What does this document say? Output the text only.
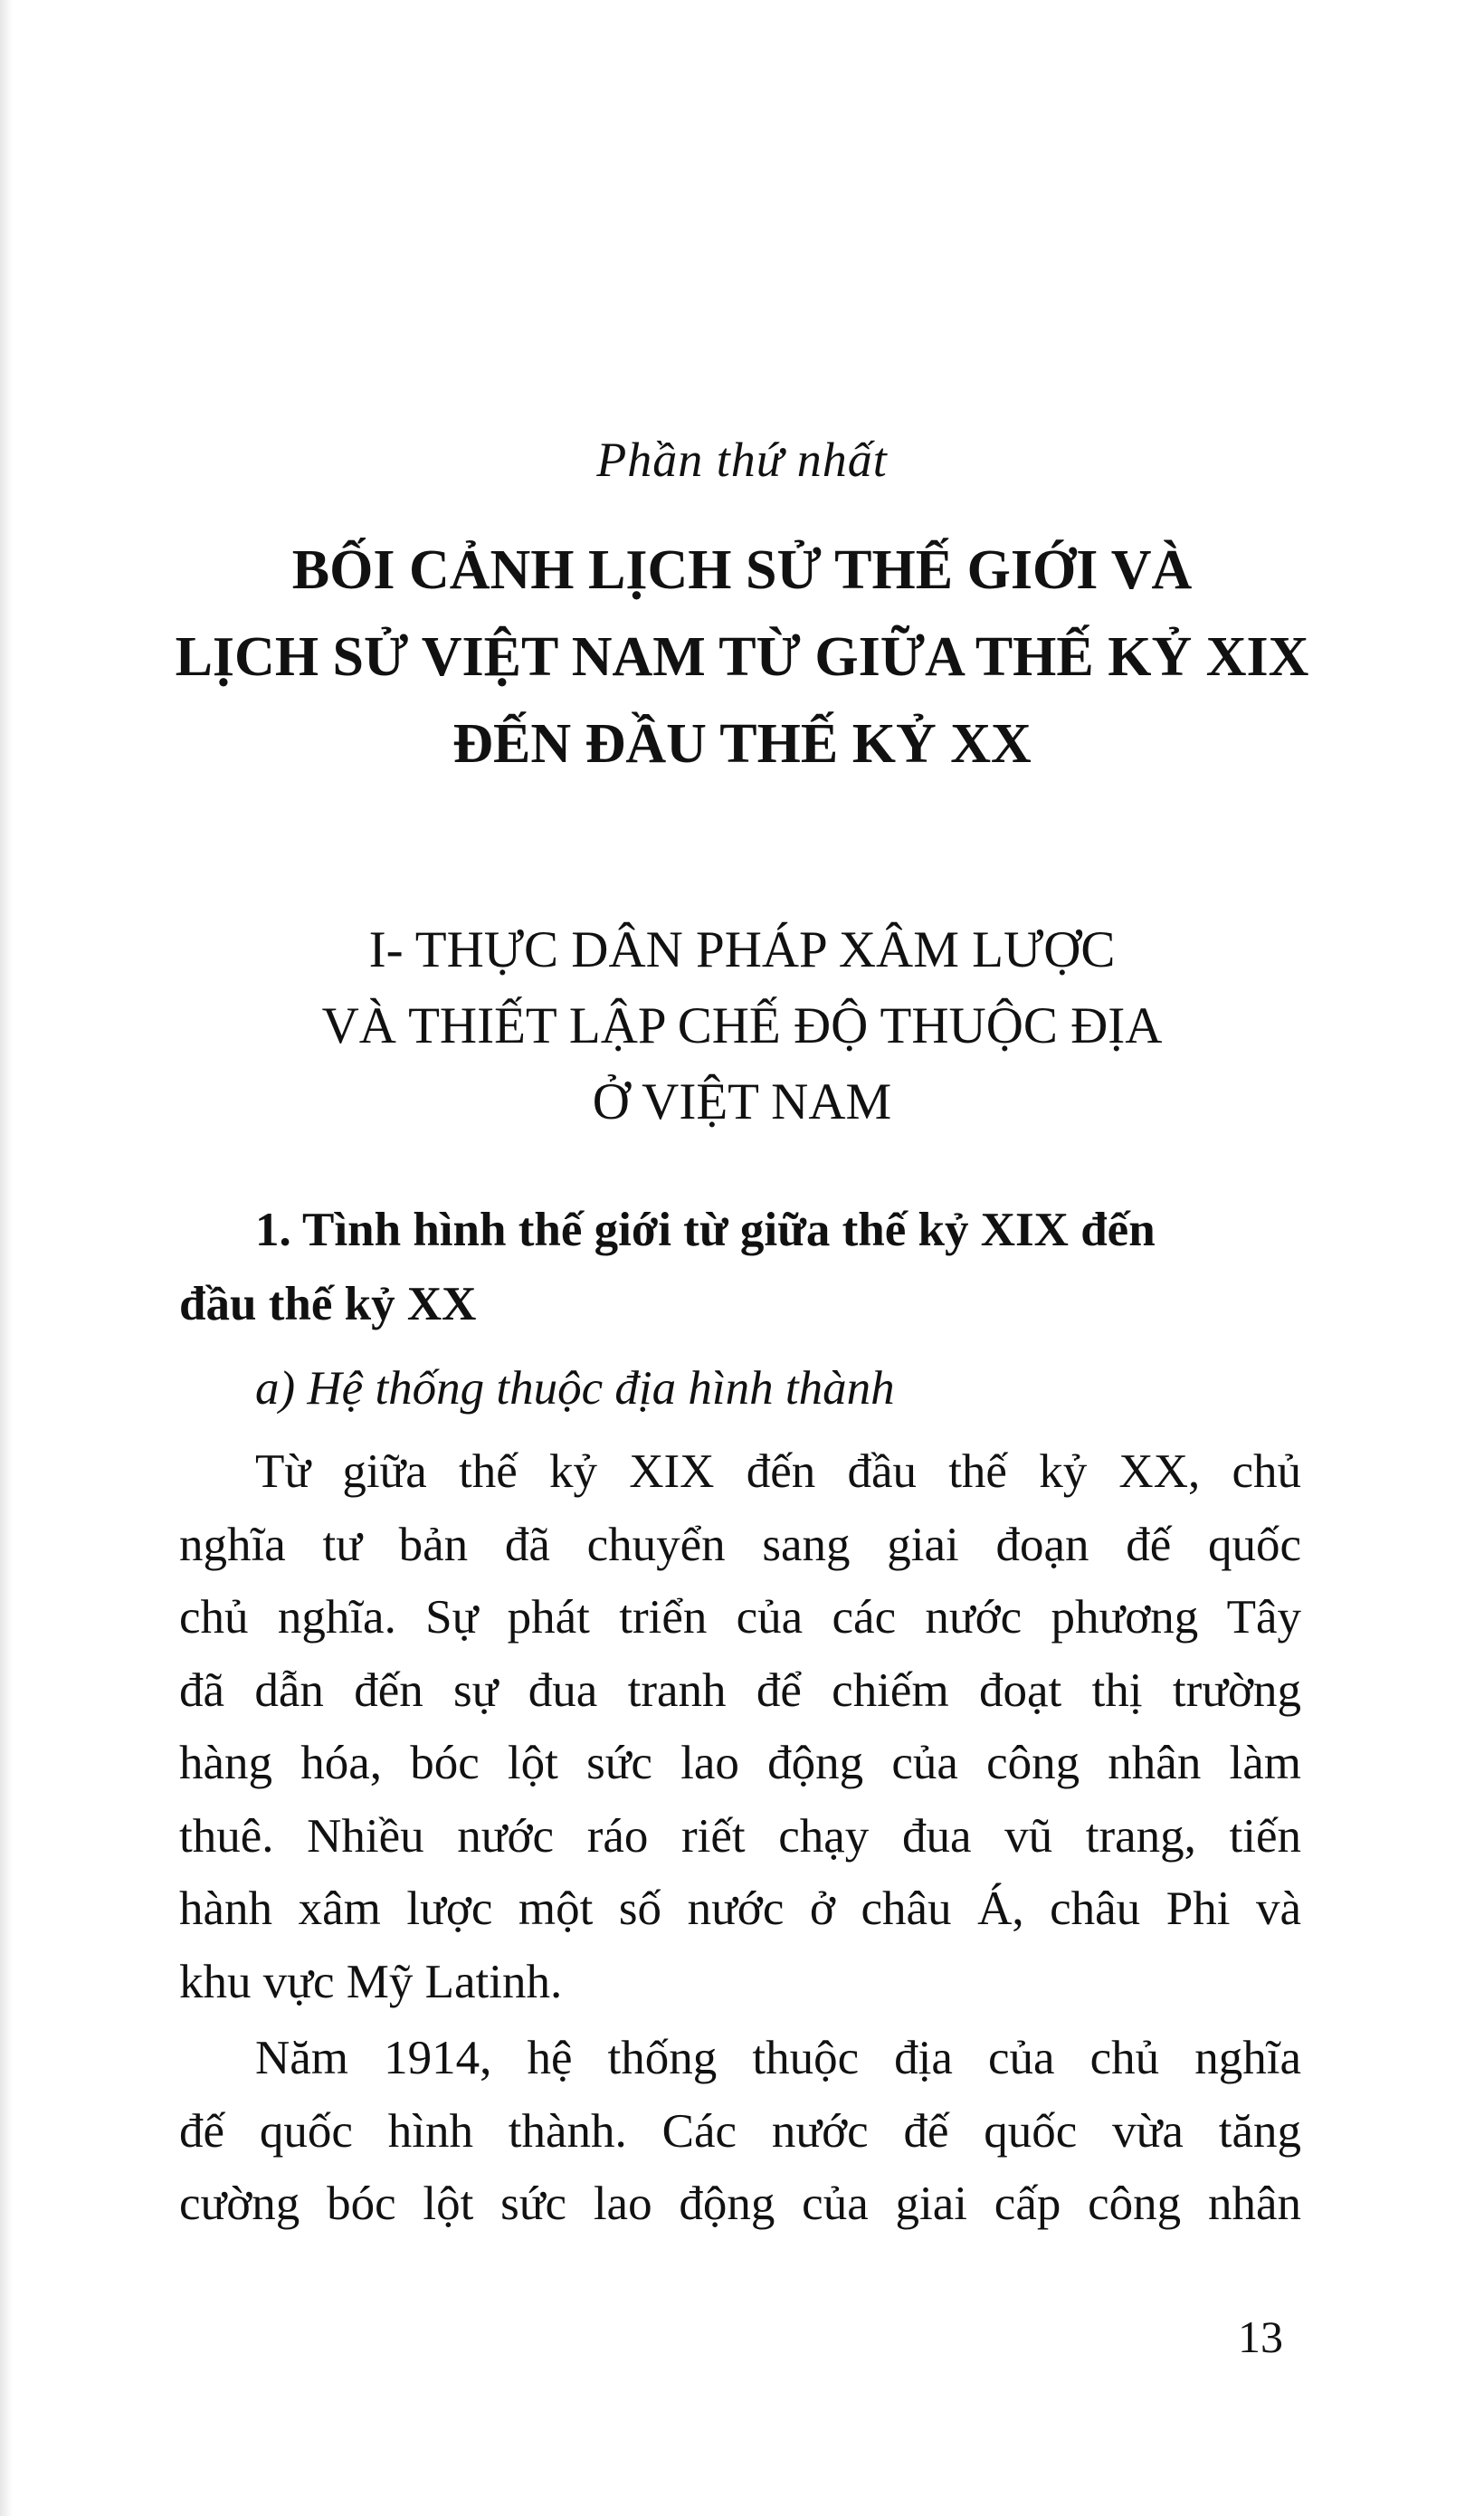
Phần thứ nhất
BỐI CẢNH LỊCH SỬ THẾ GIỚI VÀ
LỊCH SỬ VIỆT NAM TỪ GIỮA THẾ KỶ XIX
ĐẾN ĐẦU THẾ KỶ XX
I- THỰC DÂN PHÁP XÂM LƯỢC
VÀ THIẾT LẬP CHẾ ĐỘ THUỘC ĐỊA
Ở VIỆT NAM
1. Tình hình thế giới từ giữa thế kỷ XIX đến
đầu thế kỷ XX
a) Hệ thống thuộc địa hình thành
Từ giữa thế kỷ XIX đến đầu thế kỷ XX, chủ
nghĩa tư bản đã chuyển sang giai đoạn đế quốc
chủ nghĩa. Sự phát triển của các nước phương Tây
đã dẫn đến sự đua tranh để chiếm đoạt thị trường
hàng hóa, bóc lột sức lao động của công nhân làm
thuê. Nhiều nước ráo riết chạy đua vũ trang, tiến
hành xâm lược một số nước ở châu Á, châu Phi và
khu vực Mỹ Latinh.
Năm 1914, hệ thống thuộc địa của chủ nghĩa
đế quốc hình thành. Các nước đế quốc vừa tăng
cường bóc lột sức lao động của giai cấp công nhân
13
